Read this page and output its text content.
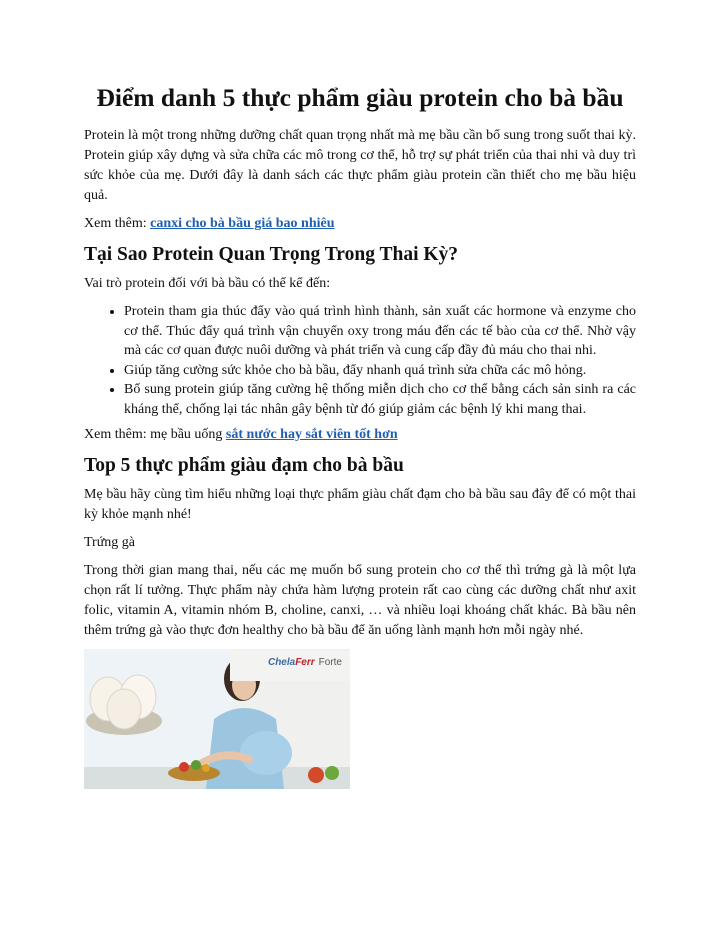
Điểm danh 5 thực phẩm giàu protein cho bà bầu

Protein là một trong những dưỡng chất quan trọng nhất mà mẹ bầu cần bổ sung trong suốt thai kỳ. Protein giúp xây dựng và sửa chữa các mô trong cơ thể, hỗ trợ sự phát triển của thai nhi và duy trì sức khỏe của mẹ. Dưới đây là danh sách các thực phẩm giàu protein cần thiết cho mẹ bầu hiệu quả.

Xem thêm: canxi cho bà bầu giá bao nhiêu

Tại Sao Protein Quan Trọng Trong Thai Kỳ?

Vai trò protein đối với bà bầu có thể kể đến:

• Protein tham gia thúc đẩy vào quá trình hình thành, sản xuất các hormone và enzyme cho cơ thể. Thúc đẩy quá trình vận chuyển oxy trong máu đến các tế bào của cơ thể. Nhờ vậy mà các cơ quan được nuôi dưỡng và phát triển và cung cấp đầy đủ máu cho thai nhi.
• Giúp tăng cường sức khỏe cho bà bầu, đẩy nhanh quá trình sửa chữa các mô hỏng.
• Bổ sung protein giúp tăng cường hệ thống miễn dịch cho cơ thể bằng cách sản sinh ra các kháng thể, chống lại tác nhân gây bệnh từ đó giúp giảm các bệnh lý khi mang thai.

Xem thêm: mẹ bầu uống sắt nước hay sắt viên tốt hơn

Top 5 thực phẩm giàu đạm cho bà bầu

Mẹ bầu hãy cùng tìm hiểu những loại thực phẩm giàu chất đạm cho bà bầu sau đây để có một thai kỳ khỏe mạnh nhé!

Trứng gà

Trong thời gian mang thai, nếu các mẹ muốn bổ sung protein cho cơ thể thì trứng gà là một lựa chọn rất lí tưởng. Thực phẩm này chứa hàm lượng protein rất cao cùng các dưỡng chất như axit folic, vitamin A, vitamin nhóm B, choline, canxi, … và nhiều loại khoáng chất khác. Bà bầu nên thêm trứng gà vào thực đơn healthy cho bà bầu để ăn uống lành mạnh hơn mỗi ngày nhé.

ChelaFerr Forte
